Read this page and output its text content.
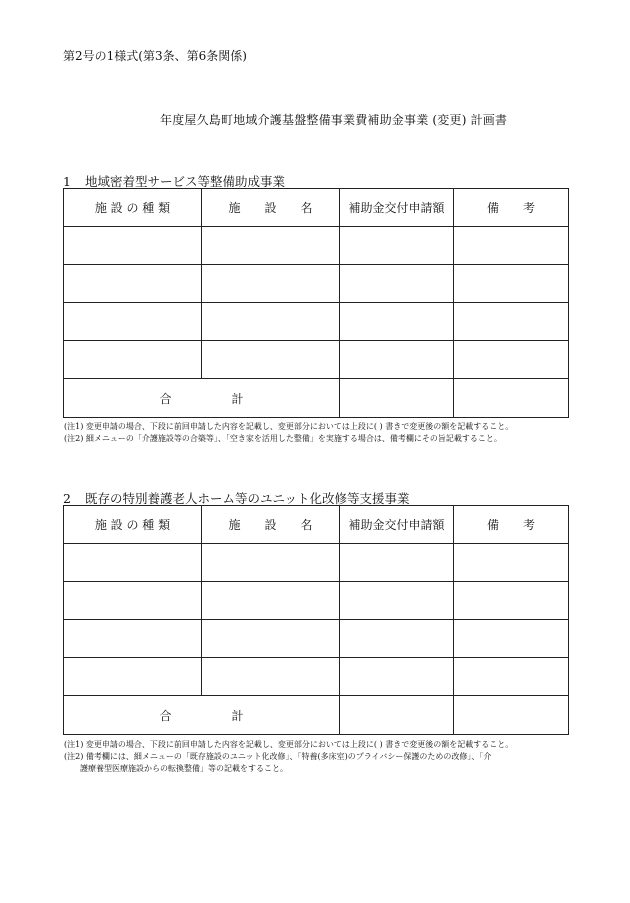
第2号の1様式(第3条、第6条関係)
年度屋久島町地域介護基盤整備事業費補助金事業 (変更) 計画書
1 地域密着型サービス等整備助成事業
施 設 の 種 類	施　　設　　名	補助金交付申請額	備　　考

合　　　　　計			
(注1) 変更申請の場合、下段に前回申請した内容を記載し、変更部分においては上段に( ) 書きで変更後の額を記載すること。
(注2) 細メニューの「介護施設等の合築等」、「空き家を活用した整備」を実施する場合は、備考欄にその旨記載すること。
2 既存の特別養護老人ホーム等のユニット化改修等支援事業
施 設 の 種 類	施　　設　　名	補助金交付申請額	備　　考

合　　　　　計			
(注1) 変更申請の場合、下段に前回申請した内容を記載し、変更部分においては上段に( ) 書きで変更後の額を記載すること。
(注2) 備考欄には、細メニューの「既存施設のユニット化改修」、「特養(多床室)のプライバシー保護のための改修」、「介
護療養型医療施設からの転換整備」等の記載をすること。
